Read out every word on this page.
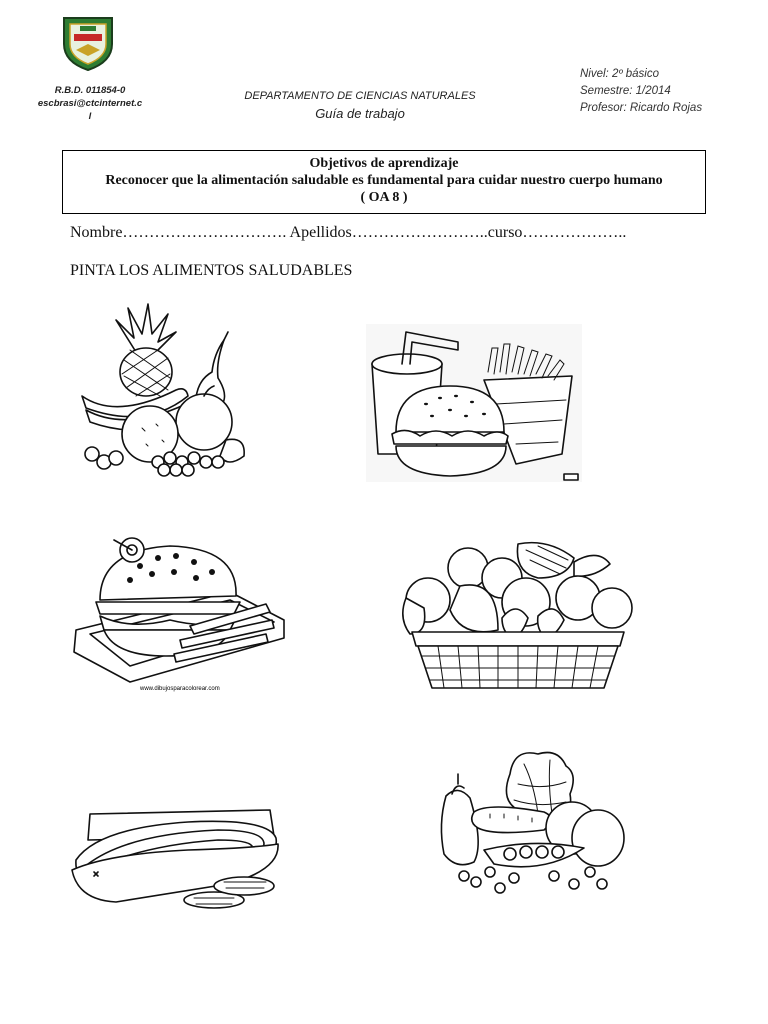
R.B.D. 011854-0
escbrasi@ctcinternet.c
l
DEPARTAMENTO DE CIENCIAS NATURALES
Guía de trabajo
Nivel: 2º básico
Semestre: 1/2014
Profesor: Ricardo Rojas
Objetivos de aprendizaje
Reconocer que la alimentación saludable es fundamental para cuidar nuestro cuerpo humano
( OA 8 )
Nombre…………………………. Apellidos……………………..curso………………..
PINTA LOS ALIMENTOS SALUDABLES
www.dibujosparacolorear.com
